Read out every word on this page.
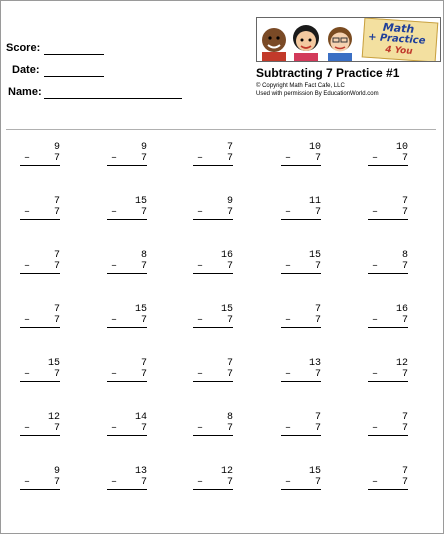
Score:
Date:
Name:
Math
+ Practice
4 You
Subtracting 7 Practice #1
© Copyright Math Fact Cafe, LLC
Used with permission By EducationWorld.com
9
– 7
9
– 7
7
– 7
10
– 7
10
– 7
7
– 7
15
– 7
9
– 7
11
– 7
7
– 7
7
– 7
8
– 7
16
– 7
15
– 7
8
– 7
7
– 7
15
– 7
15
– 7
7
– 7
16
– 7
15
– 7
7
– 7
7
– 7
13
– 7
12
– 7
12
– 7
14
– 7
8
– 7
7
– 7
7
– 7
9
– 7
13
– 7
12
– 7
15
– 7
7
– 7
